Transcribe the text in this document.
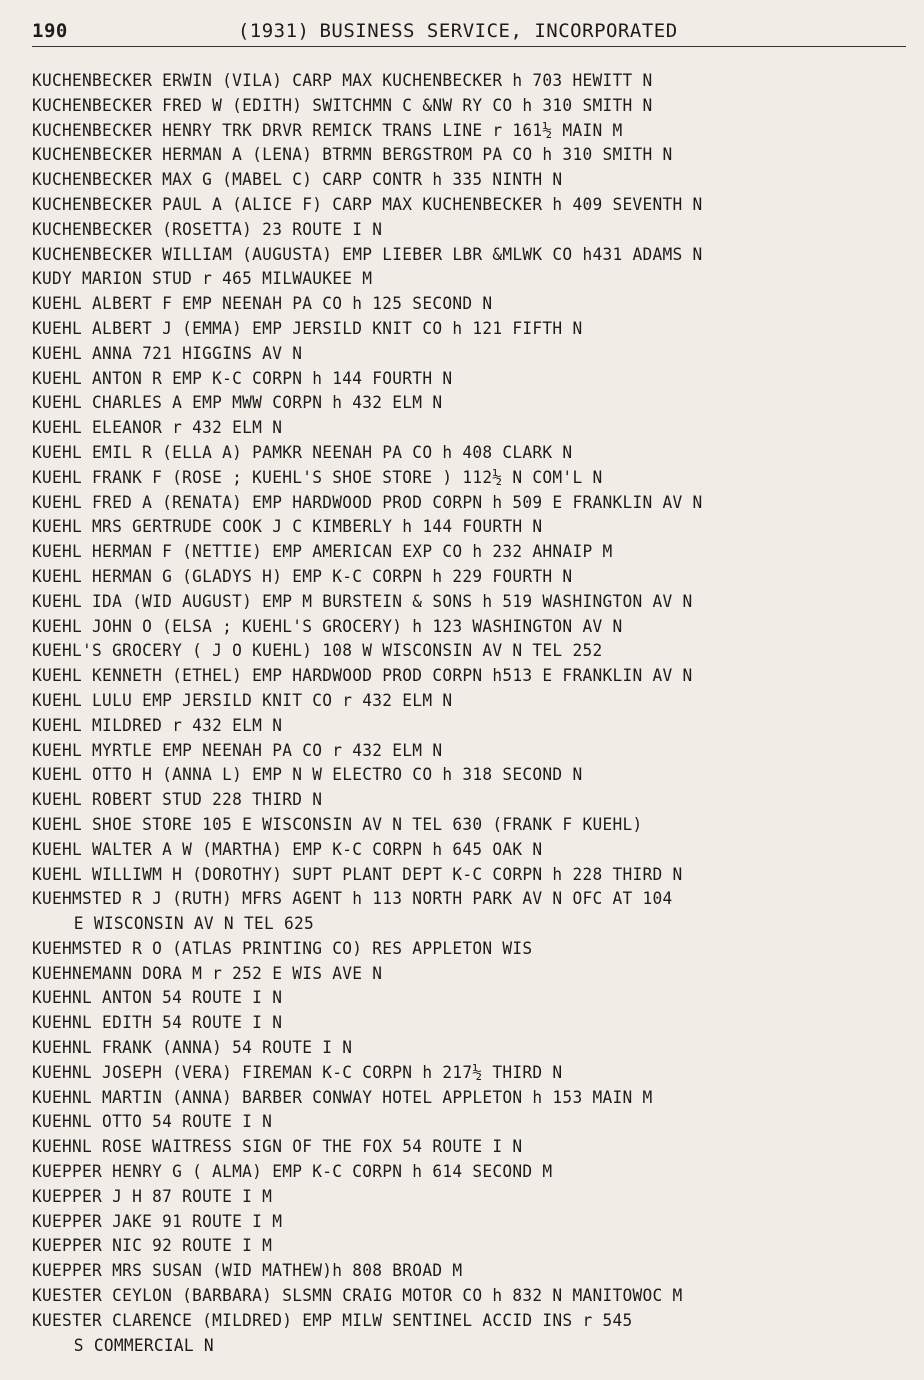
190	(1931) BUSINESS SERVICE, INCORPORATED
KUCHENBECKER ERWIN (VILA) CARP MAX KUCHENBECKER h 703 HEWITT N
KUCHENBECKER FRED W (EDITH) SWITCHMN C &NW RY CO h 310 SMITH N
KUCHENBECKER HENRY TRK DRVR REMICK TRANS LINE r 161½ MAIN M
KUCHENBECKER HERMAN A (LENA) BTRMN BERGSTROM PA CO h 310 SMITH N
KUCHENBECKER MAX G (MABEL C) CARP CONTR h 335 NINTH N
KUCHENBECKER PAUL A (ALICE F) CARP MAX KUCHENBECKER h 409 SEVENTH N
KUCHENBECKER (ROSETTA) 23 ROUTE I N
KUCHENBECKER WILLIAM (AUGUSTA) EMP LIEBER LBR &MLWK CO h431 ADAMS N
KUDY MARION STUD r 465 MILWAUKEE M
KUEHL ALBERT F EMP NEENAH PA CO h 125 SECOND N
KUEHL ALBERT J (EMMA) EMP JERSILD KNIT CO h 121 FIFTH N
KUEHL ANNA 721 HIGGINS AV N
KUEHL ANTON R EMP K-C CORPN h 144 FOURTH N
KUEHL CHARLES A EMP MWW CORPN h 432 ELM N
KUEHL ELEANOR r 432 ELM N
KUEHL EMIL R (ELLA A) PAMKR NEENAH PA CO h 408 CLARK N
KUEHL FRANK F (ROSE ; KUEHL'S SHOE STORE ) 112½ N COM'L N
KUEHL FRED A (RENATA) EMP HARDWOOD PROD CORPN h 509 E FRANKLIN AV N
KUEHL MRS GERTRUDE COOK J C KIMBERLY h 144 FOURTH N
KUEHL HERMAN F (NETTIE) EMP AMERICAN EXP CO h 232 AHNAIP M
KUEHL HERMAN G (GLADYS H) EMP K-C CORPN h 229 FOURTH N
KUEHL IDA (WID AUGUST) EMP M BURSTEIN & SONS h 519 WASHINGTON AV N
KUEHL JOHN O (ELSA ; KUEHL'S GROCERY) h 123 WASHINGTON AV N
KUEHL'S GROCERY ( J O KUEHL) 108 W WISCONSIN AV N TEL 252
KUEHL KENNETH (ETHEL) EMP HARDWOOD PROD CORPN h513 E FRANKLIN AV N
KUEHL LULU EMP JERSILD KNIT CO r 432 ELM N
KUEHL MILDRED r 432 ELM N
KUEHL MYRTLE EMP NEENAH PA CO r 432 ELM N
KUEHL OTTO H (ANNA L) EMP N W ELECTRO CO h 318 SECOND N
KUEHL ROBERT STUD 228 THIRD N
KUEHL SHOE STORE 105 E WISCONSIN AV N TEL 630 (FRANK F KUEHL)
KUEHL WALTER A W (MARTHA) EMP K-C CORPN h 645 OAK N
KUEHL WILLIWM H (DOROTHY) SUPT PLANT DEPT K-C CORPN h 228 THIRD N
KUEHMSTED R J (RUTH) MFRS AGENT h 113 NORTH PARK AV N OFC AT 104
E WISCONSIN AV N TEL 625
KUEHMSTED R O (ATLAS PRINTING CO) RES APPLETON WIS
KUEHNEMANN DORA M r 252 E WIS AVE N
KUEHNL ANTON 54 ROUTE I N
KUEHNL EDITH 54 ROUTE I N
KUEHNL FRANK (ANNA) 54 ROUTE I N
KUEHNL JOSEPH (VERA) FIREMAN K-C CORPN h 217½ THIRD N
KUEHNL MARTIN (ANNA) BARBER CONWAY HOTEL APPLETON h 153 MAIN M
KUEHNL OTTO 54 ROUTE I N
KUEHNL ROSE WAITRESS SIGN OF THE FOX 54 ROUTE I N
KUEPPER HENRY G ( ALMA) EMP K-C CORPN h 614 SECOND M
KUEPPER J H 87 ROUTE I M
KUEPPER JAKE 91 ROUTE I M
KUEPPER NIC 92 ROUTE I M
KUEPPER MRS SUSAN (WID MATHEW)h 808 BROAD M
KUESTER CEYLON (BARBARA) SLSMN CRAIG MOTOR CO h 832 N MANITOWOC M
KUESTER CLARENCE (MILDRED) EMP MILW SENTINEL ACCID INS r 545
S COMMERCIAL N
